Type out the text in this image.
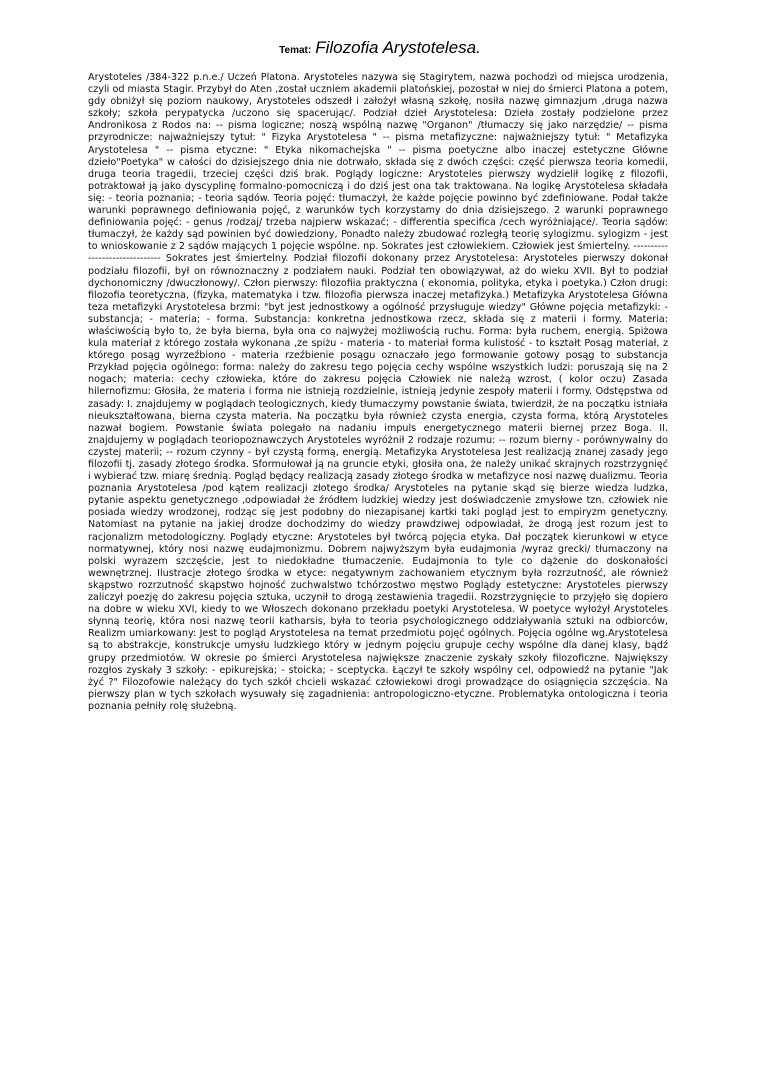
Temat: Filozofia Arystotelesa.
Arystoteles /384-322 p.n.e./ Uczeń Platona. Arystoteles nazywa się Stagirytem, nazwa pochodzi od miejsca urodzenia, czyli od miasta Stagir. Przybył do Aten ,został uczniem akademii platońskiej, pozostał w niej do śmierci Platona a potem, gdy obniżył się poziom naukowy, Arystoteles odszedł i założył własną szkołę, nosiła nazwę gimnazjum ,druga nazwa szkoły; szkoła perypatycka /uczono się spacerując/. Podział dzieł Arystotelesa: Dzieła zostały podzielone przez Andronikosa z Rodos na: -- pisma logiczne; noszą wspólną nazwę "Organon" /tłumaczy się jako narzędzie/ -- pisma przyrodnicze: najważniejszy tytuł: " Fizyka Arystotelesa " -- pisma metafizyczne: najważniejszy tytuł: " Metafizyka Arystotelesa " -- pisma etyczne: " Etyka nikomachejska " -- pisma poetyczne albo inaczej estetyczne Główne dzieło"Poetyka" w całości do dzisiejszego dnia nie dotrwało, składa się z dwóch części: część pierwsza teoria komedii, druga teoria tragedii, trzeciej części dziś brak. Poglądy logiczne: Arystoteles pierwszy wydzielił logikę z filozofii, potraktował ją jako dyscyplinę formalno-pomocniczą i do dziś jest ona tak traktowana. Na logikę Arystotelesa składała się: - teoria poznania; - teoria sądów. Teoria pojęć: tłumaczył, że każde pojęcie powinno być zdefiniowane. Podał także warunki poprawnego definiowania pojęć, z warunków tych korzystamy do dnia dzisiejszego. 2 warunki poprawnego definiowania pojęć: - genus /rodzaj/ trzeba najpierw wskazać; - differentia specifica /cech wyróżniające/. Teoria sądów: tłumaczył, że każdy sąd powinien być dowiedziony, Ponadto należy zbudować rozległą teorię sylogizmu. sylogizm - jest to wnioskowanie z 2 sądów mających 1 pojęcie wspólne. np. Sokrates jest człowiekiem. Człowiek jest śmiertelny. ------------------------------- Sokrates jest śmiertelny. Podział filozofii dokonany przez Arystotelesa: Arystoteles pierwszy dokonał podziału filozofii, był on równoznaczny z podziałem nauki. Podział ten obowiązywał, aż do wieku XVII. Był to podział dychonomiczny /dwuczłonowy/. Człon pierwszy: filozofiia praktyczna ( ekonomia, polityka, etyka i poetyka.) Człon drugi: filozofia teoretyczna, (fizyka, matematyka i tzw. filozofia pierwsza inaczej metafizyka.) Metafizyka Arystotelesa Główna teza metafizyki Arystotelesa brzmi: "byt jest jednostkowy a ogólność przysługuje wiedzy" Główne pojęcia metafizyki: - substancja; - materia; - forma. Substancja: konkretna jednostkowa rzecz, składa się z materii i formy. Materia: właściwością było to, że była bierna, była ona co najwyżej możliwością ruchu. Forma: była ruchem, energią. Spiżowa kula materiał z którego została wykonana ,ze spiżu - materia - to materiał forma kulistość - to kształt Posąg materiał, z którego posąg wyrzeźbiono - materia rzeźbienie posągu oznaczało jego formowanie gotowy posąg to substancja Przykład pojęcia ogólnego: forma: należy do zakresu tego pojęcia cechy wspólne wszystkich ludzi: poruszają się na 2 nogach; materia: cechy człowieka, które do zakresu pojęcia Człowiek nie należą wzrost, ( kolor oczu) Zasada hilernofizmu: Głosiła, że materia i forma nie istnieją rozdzielnie, istnieją jedynie zespoły materii i formy. Odstępstwa od zasady: I. znajdujemy w poglądach teologicznych, kiedy tłumaczymy powstanie świata, twierdził, że na początku istniała nieukształtowana, bierna czysta materia. Na początku była również czysta energia, czysta forma, którą Arystoteles nazwał bogiem. Powstanie świata polegało na nadaniu impuls energetycznego materii biernej przez Boga. II. znajdujemy w poglądach teoriopoznawczych Arystoteles wyróżnił 2 rodzaje rozumu: -- rozum bierny - porównywalny do czystej materii; -- rozum czynny - był czystą formą, energią. Metafizyka Arystotelesa Jest realizacją znanej zasady jego filozofii tj. zasady złotego środka. Sformułował ją na gruncie etyki, głosiła ona, że należy unikać skrajnych rozstrzygnięć i wybierać tzw. miarę średnią. Pogląd będący realizacją zasady złotego środka w metafizyce nosi nazwę dualizmu. Teoria poznania Arystotelesa /pod kątem realizacji złotego środka/ Arystoteles na pytanie skąd się bierze wiedza ludzka, pytanie aspektu genetycznego ,odpowiadał że źródłem ludzkiej wiedzy jest doświadczenie zmysłowe tzn. człowiek nie posiada wiedzy wrodzonej, rodząc się jest podobny do niezapisanej kartki taki pogląd jest to empiryzm genetyczny. Natomiast na pytanie na jakiej drodze dochodzimy do wiedzy prawdziwej odpowiadał, że drogą jest rozum jest to racjonalizm metodologiczny. Poglądy etyczne: Arystoteles był twórcą pojęcia etyka. Dał początek kierunkowi w etyce normatywnej, który nosi nazwę eudajmonizmu. Dobrem najwyższym była eudajmonia /wyraz grecki/ tłumaczony na polski wyrazem szczęście, jest to niedokładne tłumaczenie. Eudajmonia to tyle co dążenie do doskonałości wewnętrznej. Ilustracje złotego środka w etyce: negatywnym zachowaniem etycznym była rozrzutność, ale również skąpstwo rozrzutność skąpstwo hojność zuchwalstwo tchórzostwo męstwo Poglądy estetyczne: Arystoteles pierwszy zaliczył poezję do zakresu pojęcia sztuka, uczynił to drogą zestawienia tragedii. Rozstrzygnięcie to przyjęło się dopiero na dobre w wieku XVI, kiedy to we Włoszech dokonano przekładu poetyki Arystotelesa. W poetyce wyłożył Arystoteles słynną teorię, która nosi nazwę teorii katharsis, była to teoria psychologicznego oddziaływania sztuki na odbiorców, Realizm umiarkowany: Jest to pogląd Arystotelesa na temat przedmiotu pojęć ogólnych. Pojęcia ogólne wg.Arystotelesa są to abstrakcje, konstrukcje umysłu ludzkiego który w jednym pojęciu grupuje cechy wspólne dla danej klasy, bądź grupy przedmiotów. W okresie po śmierci Arystotelesa największe znaczenie zyskały szkoły filozoficzne. Największy rozgłos zyskały 3 szkoły: - epikurejska; - stoicka; - sceptycka. Łączył te szkoły wspólny cel, odpowiedź na pytanie "Jak żyć ?" Filozofowie należący do tych szkół chcieli wskazać człowiekowi drogi prowadzące do osiągnięcia szczęścia. Na pierwszy plan w tych szkołach wysuwały się zagadnienia: antropologiczno-etyczne. Problematyka ontologiczna i teoria poznania pełniły rolę służebną.
